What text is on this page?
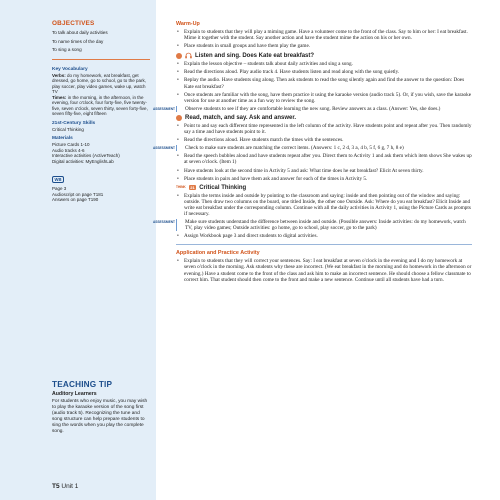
OBJECTIVES
To talk about daily activities
To name times of the day
To sing a song
Key Vocabulary

Verbs: do my homework, eat breakfast, get dressed, go home, go to school, go to the park, play soccer, play video games, wake up, watch TV

Times: in the morning, in the afternoon, in the evening, four o'clock, four forty-five, five twenty-five, seven o'clock, seven thirty, seven forty-five, seven fifty-five, eight fifteen

21st-Century Skills

Critical Thinking

Materials
Picture Cards 1-10
Audio tracks 4-6
Interactive activities (ActiveTeach)
Digital activities: MyEnglishLab
WB
Page 3
Audioscript on page T181
Answers on page T190
TEACHING TIP
Auditory Learners

For students who enjoy music, you may wish to play the karaoke version of the song first (audio track 5). Recognizing the tune and song structure can help prepare students to sing the words when you play the complete song.

T5 Unit 1
Warm-Up
• Explain to students that they will play a miming game. Have a volunteer come to the front of the class. Say to him or her: I eat breakfast. Mime it together with the student. Say another action and have the student mime the action on his or her own.
• Place students in small groups and have them play the game.
Listen and sing. Does Kate eat breakfast?
• Explain the lesson objective – students talk about daily activities and sing a song.
• Read the directions aloud. Play audio track 4. Have students listen and read along with the song quietly.
• Replay the audio. Have students sing along. Then ask students to read the song silently again and find the answer to the question: Does Kate eat breakfast?
• Once students are familiar with the song, have them practice it using the karaoke version (audio track 5). Or, if you wish, save the karaoke version for use at another time as a fun way to review the song.
ASSESSMENT Observe students to see if they are comfortable learning the new song. Review answers as a class. (Answer: Yes, she does.)
Read, match, and say. Ask and answer.
• Point to and say each different time represented in the left column of the activity. Have students point and repeat after you. Then randomly say a time and have students point to it.
• Read the directions aloud. Have students match the times with the sentences.
ASSESSMENT Check to make sure students are matching the correct items. (Answers: 1 c, 2 d, 3 a, 4 b, 5 f, 6 g, 7 h, 8 e)
• Read the speech bubbles aloud and have students repeat after you. Direct them to Activity 1 and ask them which item shows She wakes up at seven o'clock. (Item 1)
• Have students look at the second time in Activity 5 and ask: What time does he eat breakfast? Elicit At seven thirty.
• Place students in pairs and have them ask and answer for each of the times in Activity 5.
THINK	21 Critical Thinking
• Explain the terms inside and outside by pointing to the classroom and saying: inside and then pointing out of the window and saying: outside. Then draw two columns on the board, one titled Inside, the other one Outside. Ask: Where do you eat breakfast? Elicit Inside and write eat breakfast under the corresponding column. Continue with all the daily activities in Activity 1, using the Picture Cards as prompts if necessary.
ASSESSMENT Make sure students understand the difference between inside and outside. (Possible answers: Inside activities: do my homework, watch TV, play video games; Outside activities: go home, go to school, play soccer, go to the park)
• Assign Workbook page 3 and direct students to digital activities.
Application and Practice Activity
• Explain to students that they will correct your sentences. Say: I eat breakfast at seven o'clock in the evening and I do my homework at seven o'clock in the morning. Ask students why these are incorrect. (We eat breakfast in the morning and do homework in the afternoon or evening.) Have a student come to the front of the class and ask him to make an incorrect sentence. He should choose a fellow classmate to correct him. That student should then come to the front and make a new sentence. Continue until all students have had a turn.
